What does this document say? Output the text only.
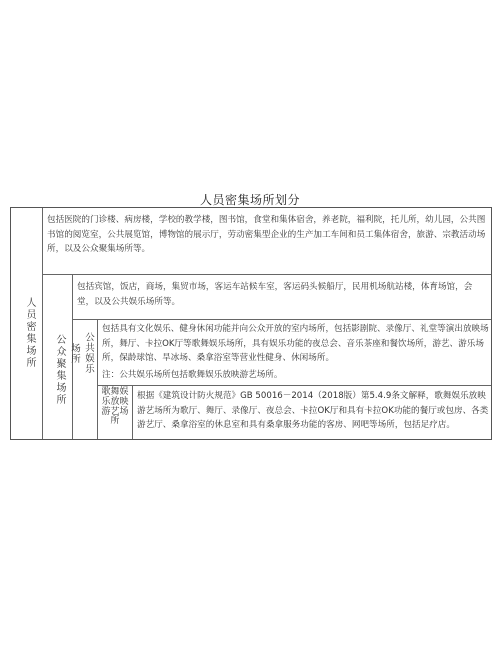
人员密集场所划分
人员密集场所
包括医院的门诊楼、病房楼，学校的教学楼，图书馆，食堂和集体宿舍，养老院，福利院，托儿所，幼儿园，公共图书馆的阅览室，公共展览馆，博物馆的展示厅，劳动密集型企业的生产加工车间和员工集体宿舍，旅游、宗教活动场所，以及公众聚集场所等。
公众聚集场所
包括宾馆，饭店，商场，集贸市场，客运车站候车室，客运码头候船厅，民用机场航站楼，体育场馆，会堂，以及公共娱乐场所等。
公共娱乐场所
包括具有文化娱乐、健身休闲功能并向公众开放的室内场所，包括影剧院、录像厅、礼堂等演出放映场所，舞厅、卡拉OK厅等歌舞娱乐场所，具有娱乐功能的夜总会、音乐茶座和餐饮场所，游艺、游乐场所，保龄球馆、旱冰场、桑拿浴室等营业性健身、休闲场所。
注：公共娱乐场所包括歌舞娱乐放映游艺场所。
歌舞娱乐放映游艺场所
根据《建筑设计防火规范》GB 50016－2014（2018版）第5.4.9条文解释，歌舞娱乐放映游艺场所为歌厅、舞厅、录像厅、夜总会、卡拉OK厅和具有卡拉OK功能的餐厅或包房、各类游艺厅、桑拿浴室的休息室和具有桑拿服务功能的客房、网吧等场所，包括足疗店。
